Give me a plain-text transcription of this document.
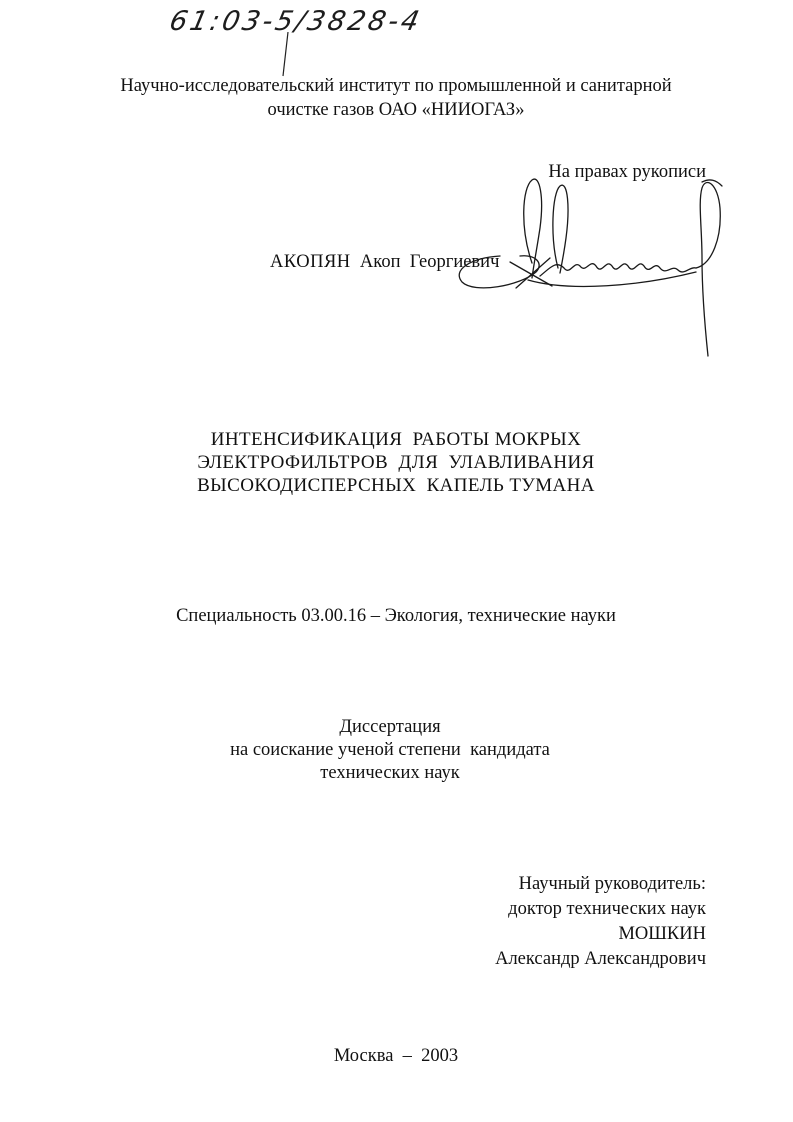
61:03-5/3828-4
Научно-исследовательский институт по промышленной и санитарной
очистке газов ОАО «НИИОГАЗ»
На правах рукописи
АКОПЯН Акоп Георгиевич
ИНТЕНСИФИКАЦИЯ  РАБОТЫ МОКРЫХ
ЭЛЕКТРОФИЛЬТРОВ  ДЛЯ  УЛАВЛИВАНИЯ
ВЫСОКОДИСПЕРСНЫХ  КАПЕЛЬ ТУМАНА
Специальность 03.00.16 – Экология, технические науки
Диссертация
на соискание ученой степени  кандидата
технических наук
Научный руководитель:
доктор технических наук
МОШКИН
Александр Александрович
Москва  –  2003
